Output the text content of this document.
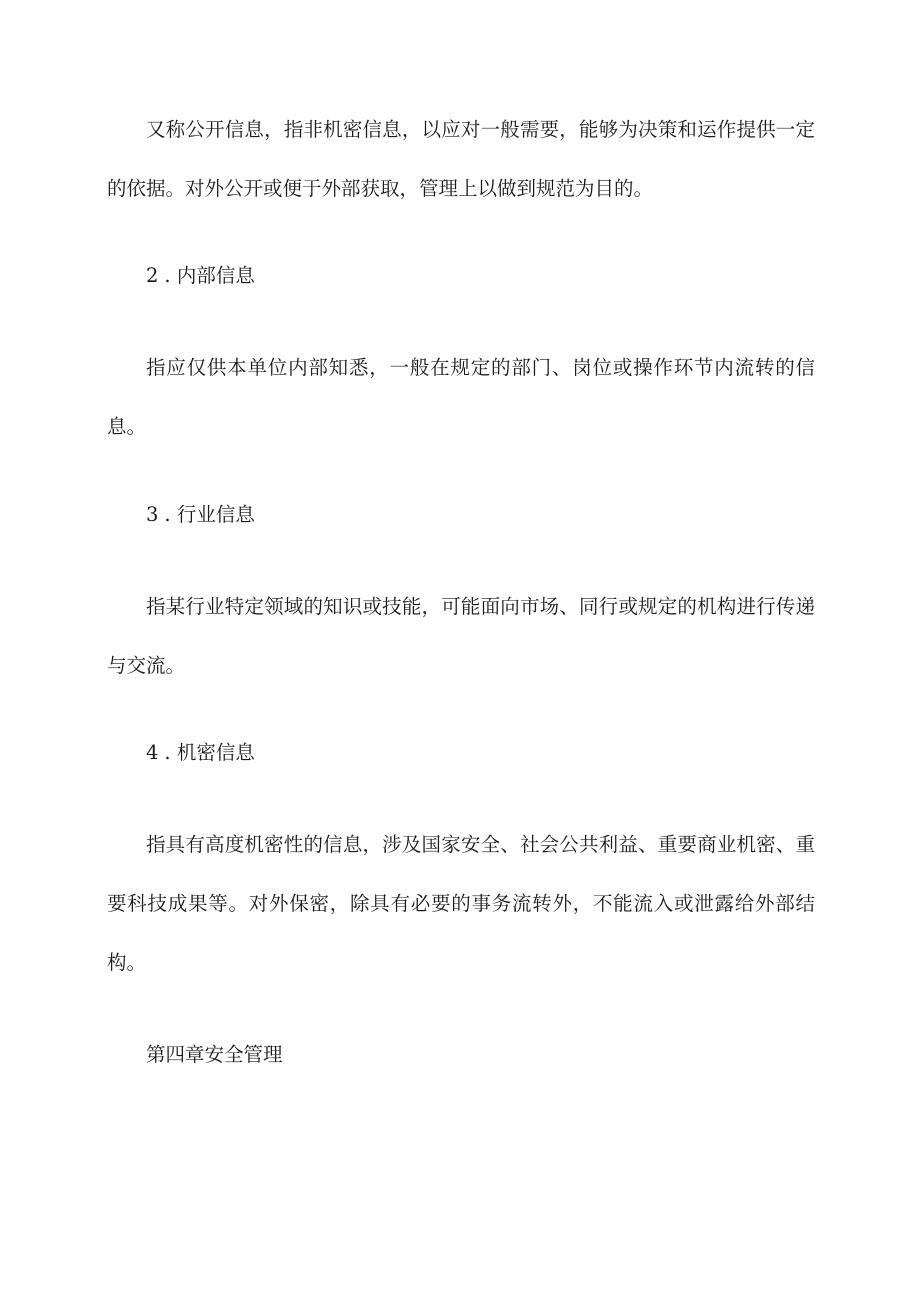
又称公开信息，指非机密信息，以应对一般需要，能够为决策和运作提供一定的依据。对外公开或便于外部获取，管理上以做到规范为目的。

2. 内部信息

指应仅供本单位内部知悉，一般在规定的部门、岗位或操作环节内流转的信息。

3. 行业信息

指某行业特定领域的知识或技能，可能面向市场、同行或规定的机构进行传递与交流。

4. 机密信息

指具有高度机密性的信息，涉及国家安全、社会公共利益、重要商业机密、重要科技成果等。对外保密，除具有必要的事务流转外，不能流入或泄露给外部结构。

第四章安全管理
